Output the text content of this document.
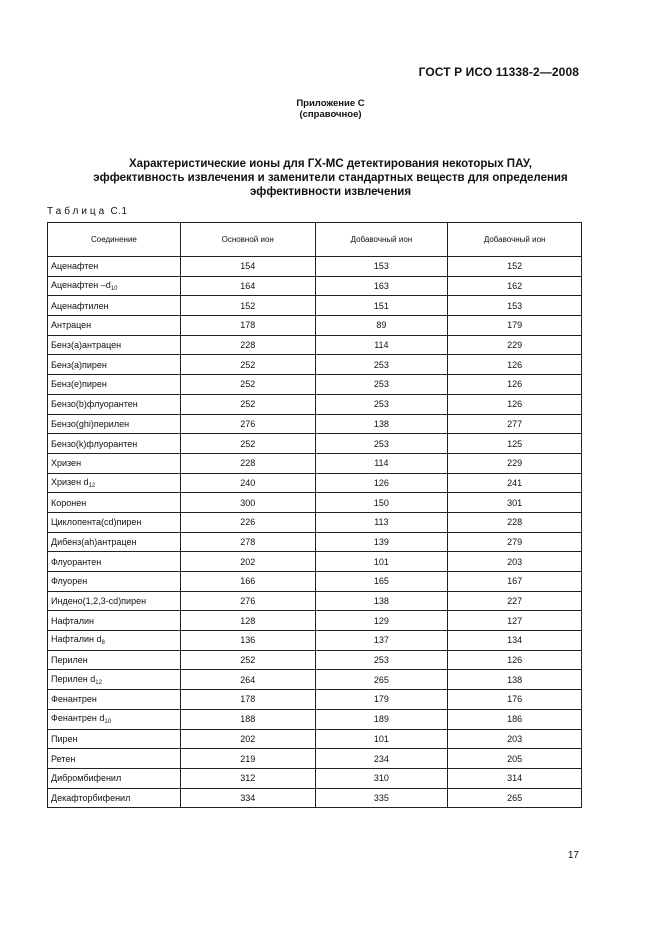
ГОСТ Р ИСО 11338-2—2008
Приложение С
(справочное)
Характеристические ионы для ГХ-МС детектирования некоторых ПАУ,
эффективность извлечения и заменители стандартных веществ для определения
эффективности извлечения
Таблица С.1
Соединение	Основной ион	Добавочный ион	Добавочный ион
Аценафтен	154	153	152
Аценафтен $-d_{10}$	164	163	162
Аценафтилен	152	151	153
Антрацен	178	89	179
Бенз(а)антрацен	228	114	229
Бенз(а)пирен	252	253	126
Бенз(е)пирен	252	253	126
Бензо(b)флуорантен	252	253	126
Бензо(ghi)перилен	276	138	277
Бензо(k)флуорантен	252	253	125
Хризен	228	114	229
Хризен $d_{12}$	240	126	241
Коронен	300	150	301
Циклопента(cd)пирен	226	113	228
Дибенз(ah)антрацен	278	139	279
Флуорантен	202	101	203
Флуорен	166	165	167
Индено(1,2,3-cd)пирен	276	138	227
Нафталин	128	129	127
Нафталин $d_8$	136	137	134
Перилен	252	253	126
Перилен $d_{12}$	264	265	138
Фенантрен	178	179	176
Фенантрен $d_{10}$	188	189	186
Пирен	202	101	203
Ретен	219	234	205
Дибромбифенил	312	310	314
Декафторбифенил	334	335	265
17
